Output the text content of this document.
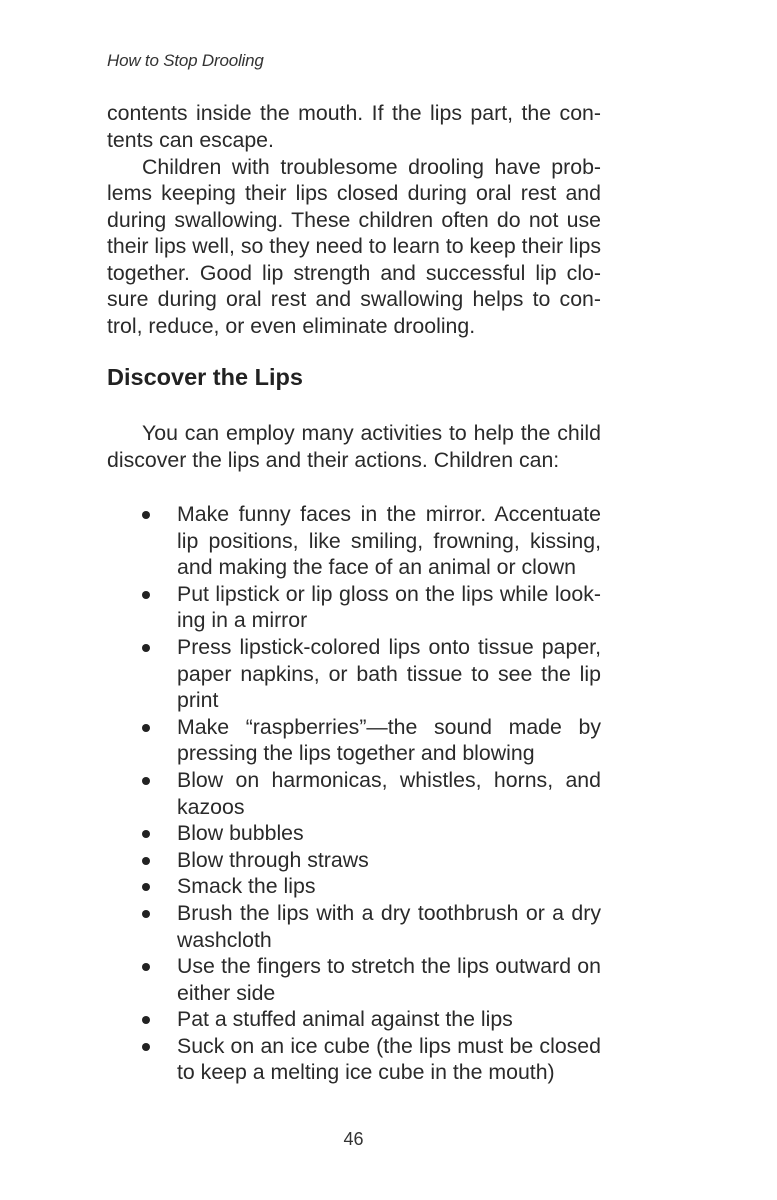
How to Stop Drooling
contents inside the mouth. If the lips part, the con-
tents can escape.
Children with troublesome drooling have prob-
lems keeping their lips closed during oral rest and
during swallowing. These children often do not use
their lips well, so they need to learn to keep their lips
together. Good lip strength and successful lip clo-
sure during oral rest and swallowing helps to con-
trol, reduce, or even eliminate drooling.
Discover the Lips
You can employ many activities to help the child
discover the lips and their actions. Children can:
Make funny faces in the mirror. Accentuate
lip positions, like smiling, frowning, kissing,
and making the face of an animal or clown
Put lipstick or lip gloss on the lips while look-
ing in a mirror
Press lipstick-colored lips onto tissue paper,
paper napkins, or bath tissue to see the lip
print
Make “raspberries”—the sound made by
pressing the lips together and blowing
Blow on harmonicas, whistles, horns, and
kazoos
Blow bubbles
Blow through straws
Smack the lips
Brush the lips with a dry toothbrush or a dry
washcloth
Use the fingers to stretch the lips outward on
either side
Pat a stuffed animal against the lips
Suck on an ice cube (the lips must be closed
to keep a melting ice cube in the mouth)
46
